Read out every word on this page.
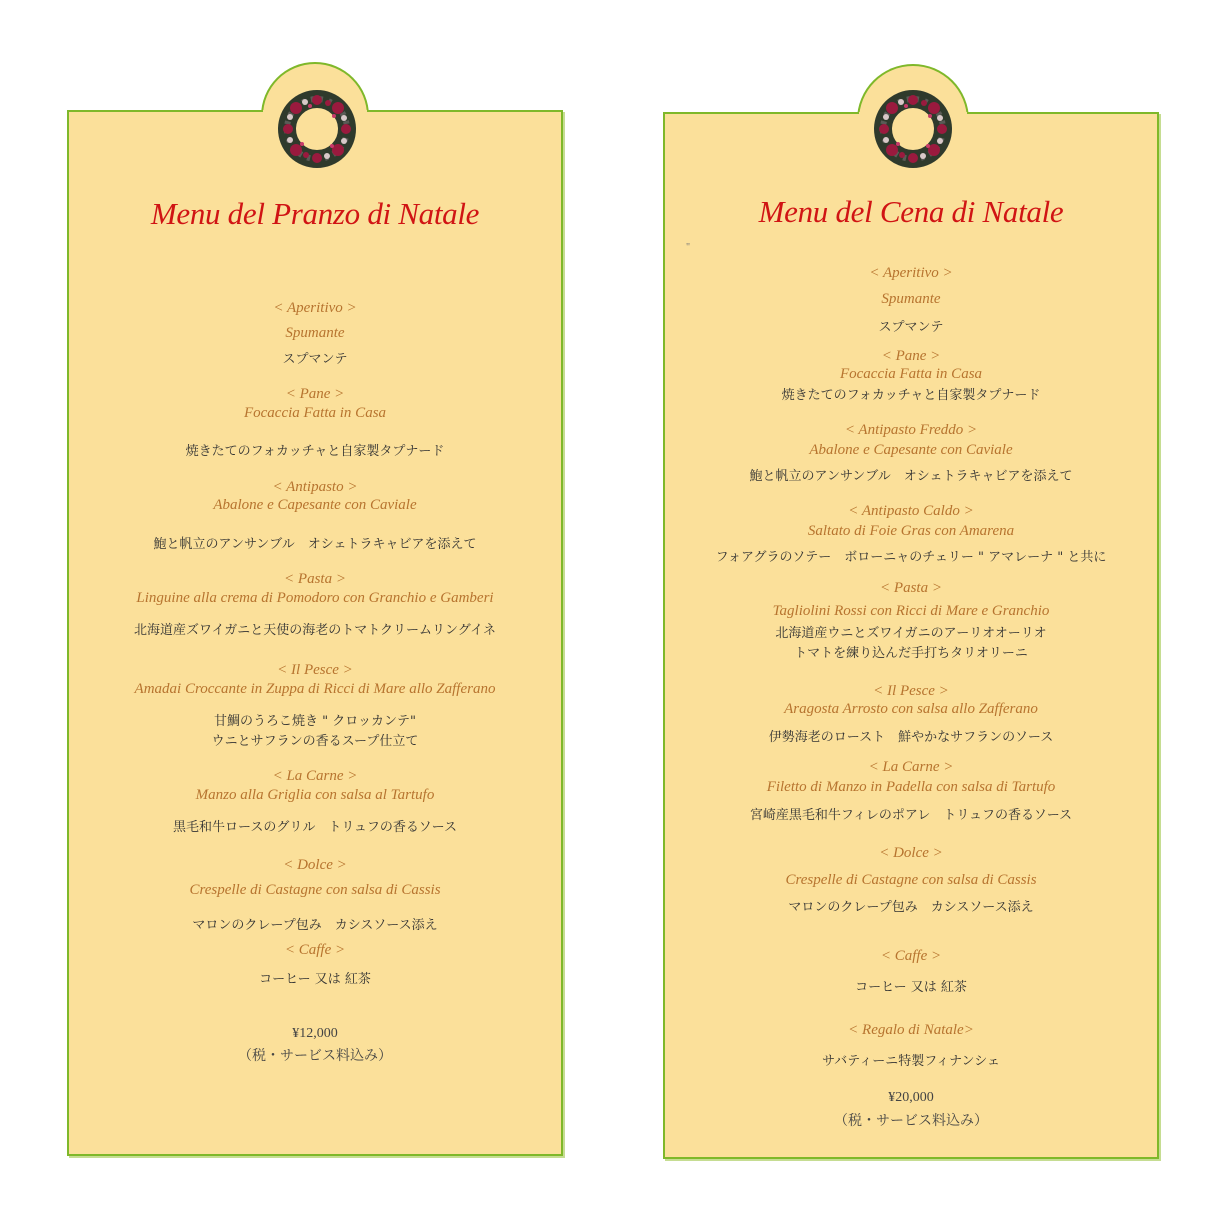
Menu del Pranzo di Natale	Menu del Cena di Natale
"
< Aperitivo >
Spumante
スプマンテ
< Pane >
Focaccia Fatta in Casa
焼きたてのフォカッチャと自家製タプナード
< Antipasto >
Abalone e Capesante con Caviale
鮑と帆立のアンサンブル　オシェトラキャビアを添えて
< Pasta >
Linguine alla crema di Pomodoro con Granchio e Gamberi
北海道産ズワイガニと天使の海老のトマトクリームリングイネ
< Il Pesce >
Amadai Croccante in Zuppa di Ricci di Mare allo Zafferano
甘鯛のうろこ焼き " クロッカンテ"
ウニとサフランの香るスープ仕立て
< La Carne >
Manzo alla Griglia con salsa al Tartufo
黒毛和牛ロースのグリル　トリュフの香るソース
< Dolce >
Crespelle di Castagne con salsa di Cassis
マロンのクレープ包み　カシスソース添え
< Caffe >
コーヒー 又は 紅茶
¥12,000
（税・サービス料込み）
< Aperitivo >
Spumante
スプマンテ
< Pane >
Focaccia Fatta in Casa
焼きたてのフォカッチャと自家製タプナード
< Antipasto Freddo >
Abalone e Capesante con Caviale
鮑と帆立のアンサンブル　オシェトラキャビアを添えて
< Antipasto Caldo >
Saltato di Foie Gras con Amarena
フォアグラのソテー　ボローニャのチェリー " アマレーナ " と共に
< Pasta >
Tagliolini Rossi con Ricci di Mare e Granchio
北海道産ウニとズワイガニのアーリオオーリオ
トマトを練り込んだ手打ちタリオリーニ
< Il Pesce >
Aragosta Arrosto con salsa allo Zafferano
伊勢海老のロースト　鮮やかなサフランのソース
< La Carne >
Filetto di Manzo in Padella con salsa di Tartufo
宮崎産黒毛和牛フィレのポアレ　トリュフの香るソース
< Dolce >
Crespelle di Castagne con salsa di Cassis
マロンのクレープ包み　カシスソース添え
< Caffe >
コーヒー 又は 紅茶
< Regalo di Natale>
サバティーニ特製フィナンシェ
¥20,000
（税・サービス料込み）
